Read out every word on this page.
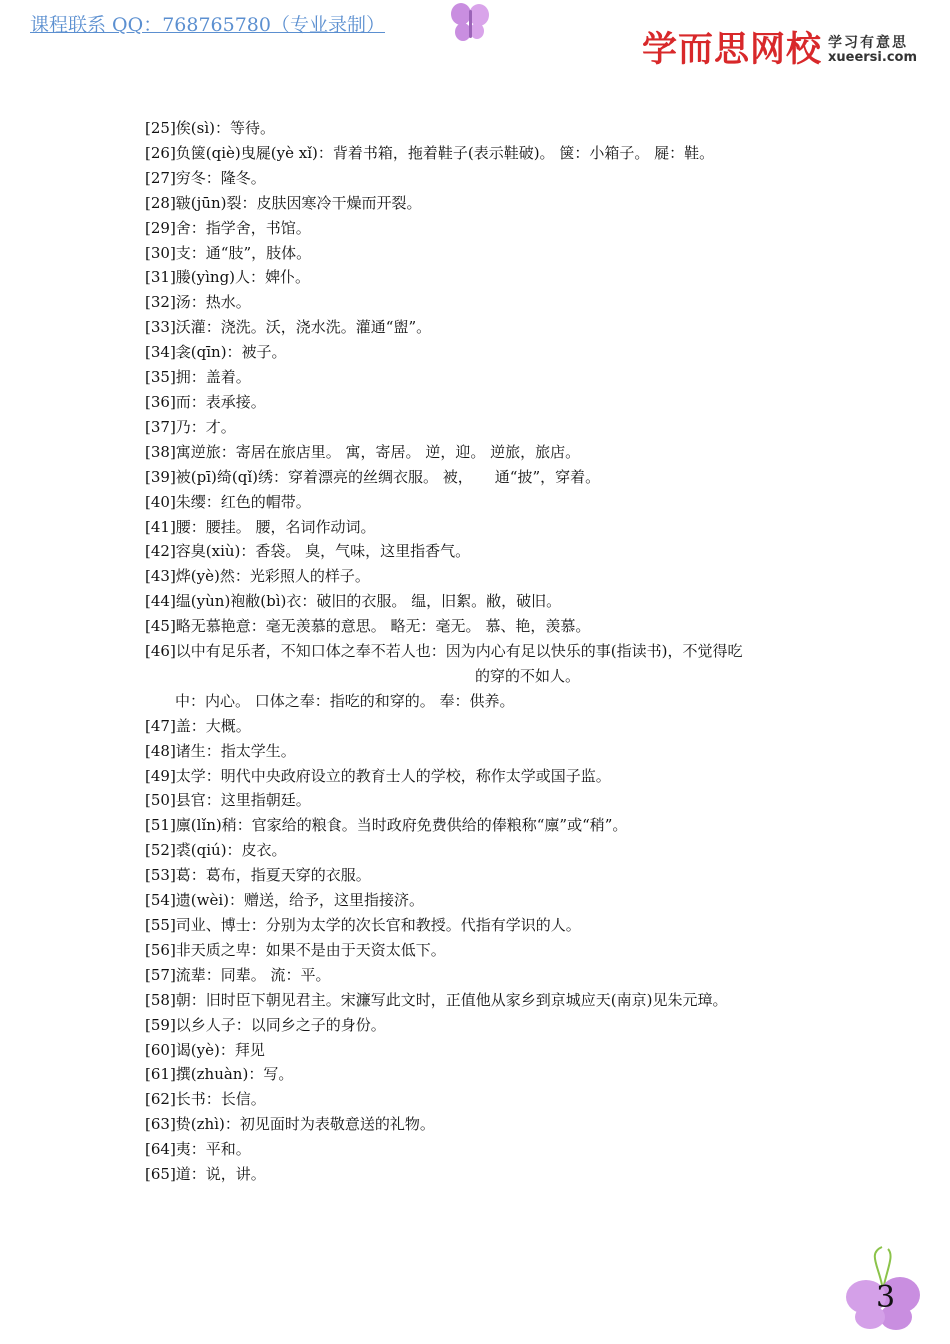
课程联系 QQ：768765780（专业录制）
学而思网校 学习有意思
xueersi.com
[25]俟(sì)：等待。
[26]负箧(qiè)曳屣(yè xǐ)：背着书箱，拖着鞋子(表示鞋破)。 箧：小箱子。 屣：鞋。
[27]穷冬：隆冬。
[28]皲(jūn)裂：皮肤因寒冷干燥而开裂。
[29]舍：指学舍，书馆。
[30]支：通“肢”，肢体。
[31]媵(yìng)人：婢仆。
[32]汤：热水。
[33]沃灌：浇洗。沃，浇水洗。灌通“盥”。
[34]衾(qīn)：被子。
[35]拥：盖着。
[36]而：表承接。
[37]乃：才。
[38]寓逆旅：寄居在旅店里。 寓，寄居。 逆，迎。 逆旅，旅店。
[39]被(pī)绮(qǐ)绣：穿着漂亮的丝绸衣服。 被， 通“披”，穿着。
[40]朱缨：红色的帽带。
[41]腰：腰挂。 腰，名词作动词。
[42]容臭(xiù)：香袋。 臭，气味，这里指香气。
[43]烨(yè)然：光彩照人的样子。
[44]缊(yùn)袍敝(bì)衣：破旧的衣服。 缊，旧絮。敝，破旧。
[45]略无慕艳意：毫无羡慕的意思。 略无：毫无。 慕、艳，羡慕。
[46]以中有足乐者，不知口体之奉不若人也：因为内心有足以快乐的事(指读书)，不觉得吃
的穿的不如人。
中：内心。 口体之奉：指吃的和穿的。 奉：供养。
[47]盖：大概。
[48]诸生：指太学生。
[49]太学：明代中央政府设立的教育士人的学校，称作太学或国子监。
[50]县官：这里指朝廷。
[51]廪(lǐn)稍：官家给的粮食。当时政府免费供给的俸粮称“廪”或“稍”。
[52]裘(qiú)：皮衣。
[53]葛：葛布，指夏天穿的衣服。
[54]遗(wèi)：赠送，给予，这里指接济。
[55]司业、博士：分别为太学的次长官和教授。代指有学识的人。
[56]非天质之卑：如果不是由于天资太低下。
[57]流辈：同辈。 流：平。
[58]朝：旧时臣下朝见君主。宋濂写此文时，正值他从家乡到京城应天(南京)见朱元璋。
[59]以乡人子：以同乡之子的身份。
[60]谒(yè)：拜见
[61]撰(zhuàn)：写。
[62]长书：长信。
[63]贽(zhì)：初见面时为表敬意送的礼物。
[64]夷：平和。
[65]道：说，讲。
3
